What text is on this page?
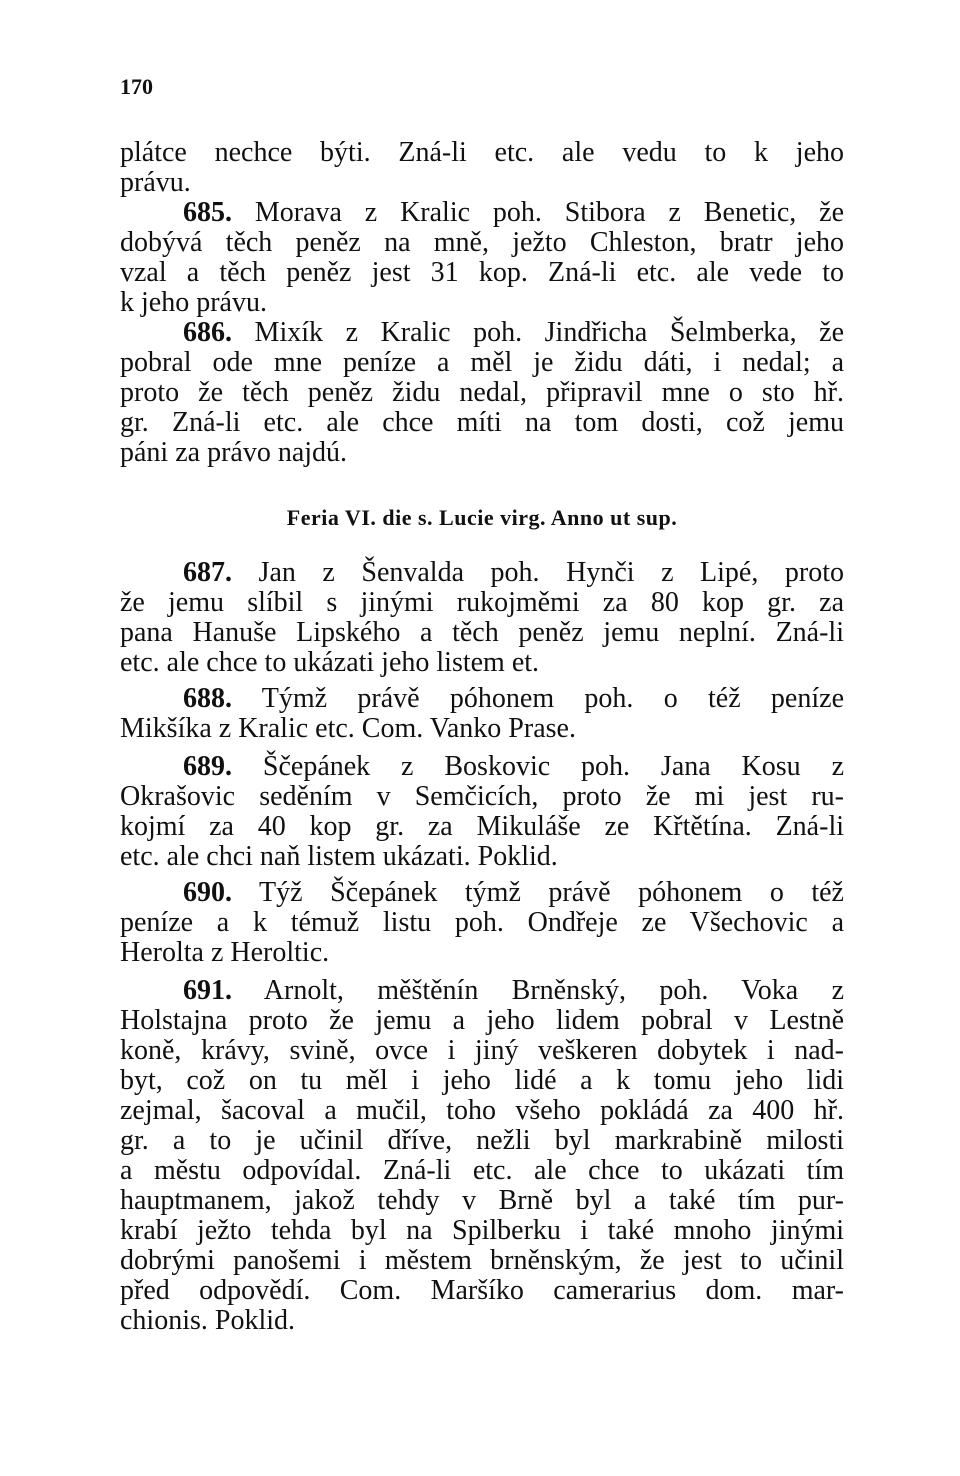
170
plátce nechce býti. Zná-li etc. ale vedu to k jeho
právu.
685. Morava z Kralic poh. Stibora z Benetic, že
dobývá těch peněz na mně, ježto Chleston, bratr jeho
vzal a těch peněz jest 31 kop. Zná-li etc. ale vede to
k jeho právu.
686. Mixík z Kralic poh. Jindřicha Šelmberka, že
pobral ode mne peníze a měl je židu dáti, i nedal; a
proto že těch peněz židu nedal, připravil mne o sto hř.
gr. Zná-li etc. ale chce míti na tom dosti, což jemu
páni za právo najdú.
Feria VI. die s. Lucie virg. Anno ut sup.
687. Jan z Šenvalda poh. Hynči z Lipé, proto
že jemu slíbil s jinými rukojměmi za 80 kop gr. za
pana Hanuše Lipského a těch peněz jemu neplní. Zná-li
etc. ale chce to ukázati jeho listem et.
688. Týmž právě póhonem poh. o též peníze
Mikšíka z Kralic etc. Com. Vanko Prase.
689. Ščepánek z Boskovic poh. Jana Kosu z
Okrašovic seděním v Semčicích, proto že mi jest ru-
kojmí za 40 kop gr. za Mikuláše ze Křtětína. Zná-li
etc. ale chci naň listem ukázati. Poklid.
690. Týž Ščepánek týmž právě póhonem o též
peníze a k témuž listu poh. Ondřeje ze Všechovic a
Herolta z Heroltic.
691. Arnolt, měštěnín Brněnský, poh. Voka z
Holstajna proto že jemu a jeho lidem pobral v Lestně
koně, krávy, svině, ovce i jiný veškeren dobytek i nad-
byt, což on tu měl i jeho lidé a k tomu jeho lidi
zejmal, šacoval a mučil, toho všeho pokládá za 400 hř.
gr. a to je učinil dříve, nežli byl markrabině milosti
a městu odpovídal. Zná-li etc. ale chce to ukázati tím
hauptmanem, jakož tehdy v Brně byl a také tím pur-
krabí ježto tehda byl na Spilberku i také mnoho jinými
dobrými panošemi i městem brněnským, že jest to učinil
před odpovědí. Com. Maršíko camerarius dom. mar-
chionis. Poklid.
